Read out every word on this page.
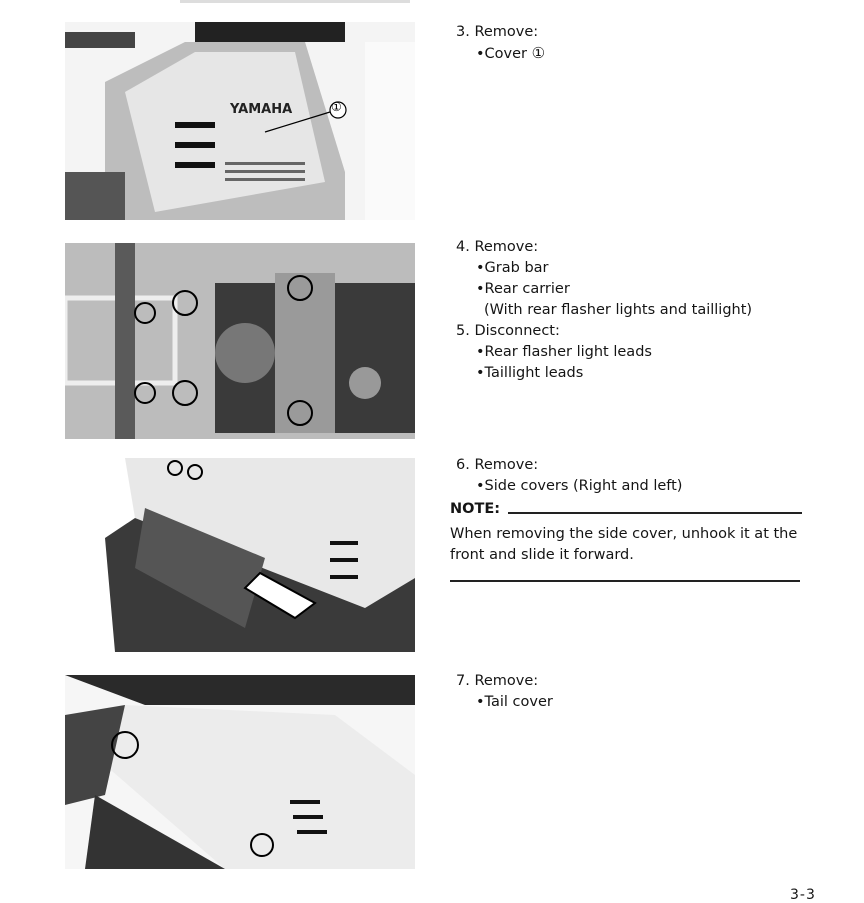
YAMAHA	①
3. Remove:
•Cover ①
4. Remove:
•Grab bar
•Rear carrier
(With rear flasher lights and taillight)
5. Disconnect:
•Rear flasher light leads
•Taillight leads
6. Remove:
•Side covers (Right and left)
NOTE:
When removing the side cover, unhook it at the front and slide it forward.
7. Remove:
•Tail cover
3-3
